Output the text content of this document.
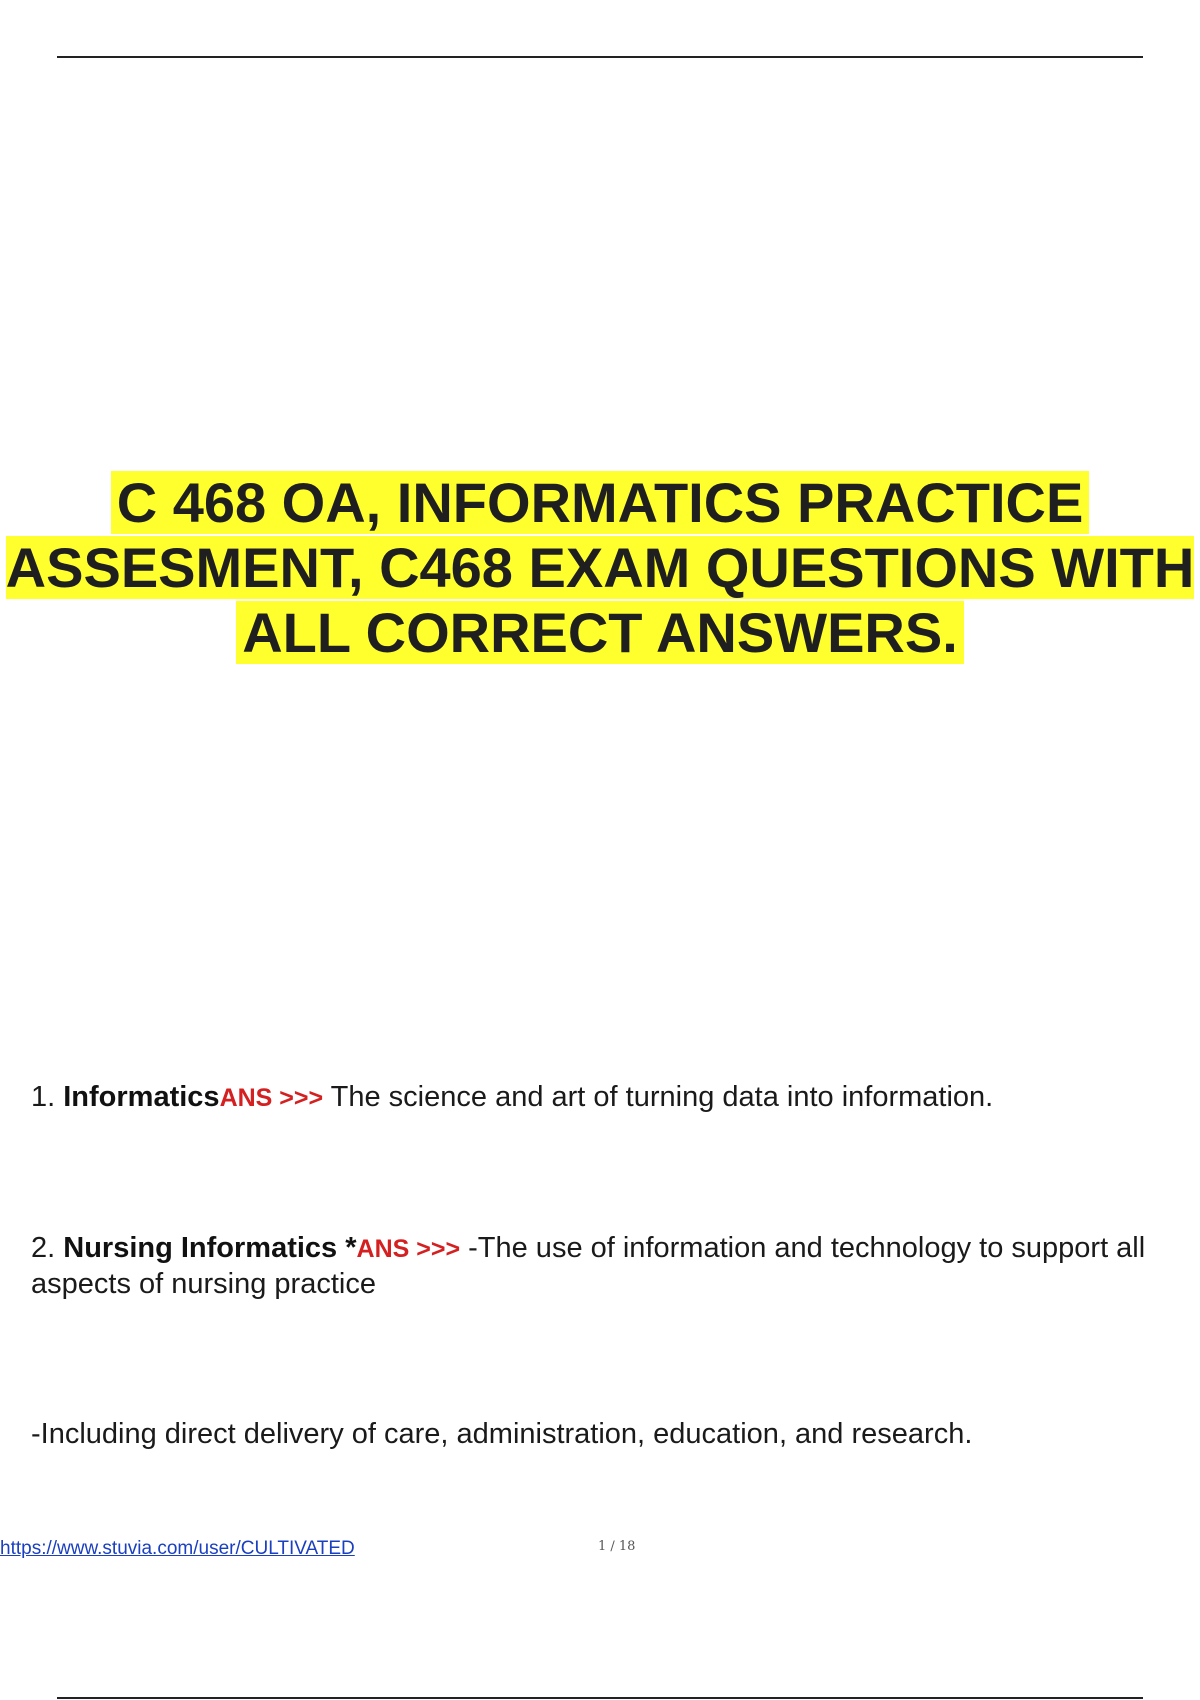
C 468 OA, INFORMATICS PRACTICE
ASSESMENT, C468 EXAM QUESTIONS WITH
ALL CORRECT ANSWERS.
1. InformaticsANS >>> The science and art of turning data into information.
2. Nursing Informatics *ANS >>> -The use of information and technology to support all aspects of nursing practice
-Including direct delivery of care, administration, education, and research.
https://www.stuvia.com/user/CULTIVATED	1 / 18
